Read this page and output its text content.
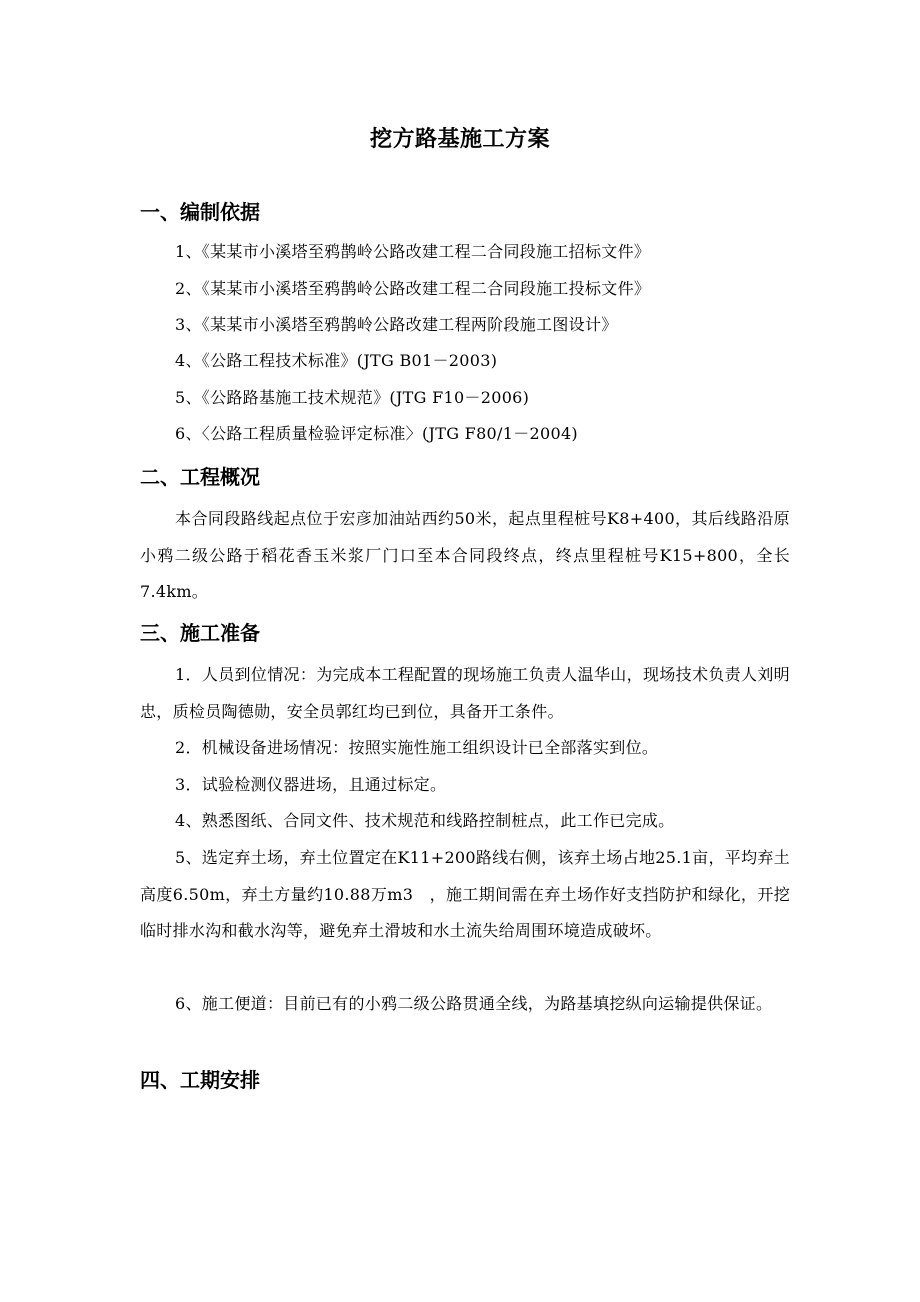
挖方路基施工方案
一、编制依据
1、《某某市小溪塔至鸦鹊岭公路改建工程二合同段施工招标文件》
2、《某某市小溪塔至鸦鹊岭公路改建工程二合同段施工投标文件》
3、《某某市小溪塔至鸦鹊岭公路改建工程两阶段施工图设计》
4、《公路工程技术标准》(JTG B01－2003)
5、《公路路基施工技术规范》(JTG F10－2006)
6、〈公路工程质量检验评定标准〉(JTG F80/1－2004)
二、工程概况
本合同段路线起点位于宏彦加油站西约50米，起点里程桩号K8+400，其后线路沿原小鸦二级公路于稻花香玉米浆厂门口至本合同段终点，终点里程桩号K15+800，全长7.4km。
三、施工准备
1．人员到位情况：为完成本工程配置的现场施工负责人温华山，现场技术负责人刘明忠，质检员陶德勋，安全员郭红均已到位，具备开工条件。
2．机械设备进场情况：按照实施性施工组织设计已全部落实到位。
3．试验检测仪器进场，且通过标定。
4、熟悉图纸、合同文件、技术规范和线路控制桩点，此工作已完成。
5、选定弃土场，弃土位置定在K11+200路线右侧，该弃土场占地25.1亩，平均弃土高度6.50m，弃土方量约10.88万m3　，施工期间需在弃土场作好支挡防护和绿化，开挖临时排水沟和截水沟等，避免弃土滑坡和水土流失给周围环境造成破坏。
6、施工便道：目前已有的小鸦二级公路贯通全线，为路基填挖纵向运输提供保证。
四、工期安排
